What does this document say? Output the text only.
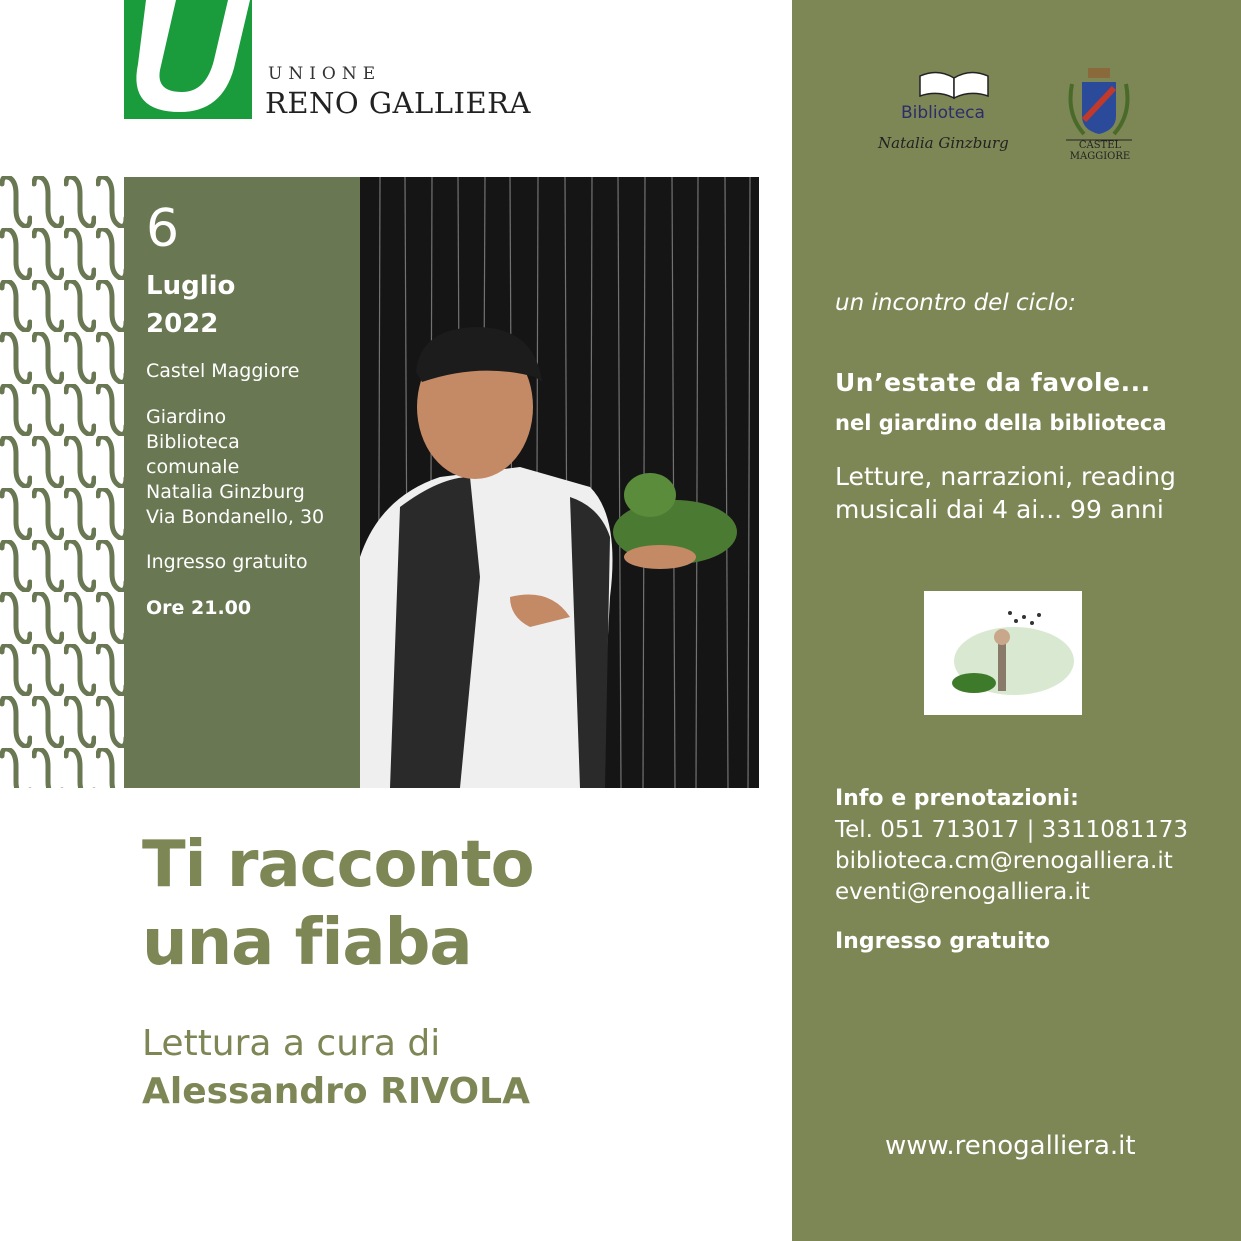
UNIONE
RENO GALLIERA
6
Luglio
2022
Castel Maggiore
Giardino
Biblioteca
comunale
Natalia Ginzburg
Via Bondanello, 30
Ingresso gratuito
Ore 21.00
Ti racconto
una fiaba
Lettura a cura di
Alessandro RIVOLA
Biblioteca
Natalia Ginzburg	CASTEL
MAGGIORE
un incontro del ciclo:
Un’estate da favole...
nel giardino della biblioteca
Letture, narrazioni, reading
musicali dai 4 ai... 99 anni
Info e prenotazioni:
Tel. 051 713017 | 3311081173
biblioteca.cm@renogalliera.it
eventi@renogalliera.it
Ingresso gratuito
www.renogalliera.it
